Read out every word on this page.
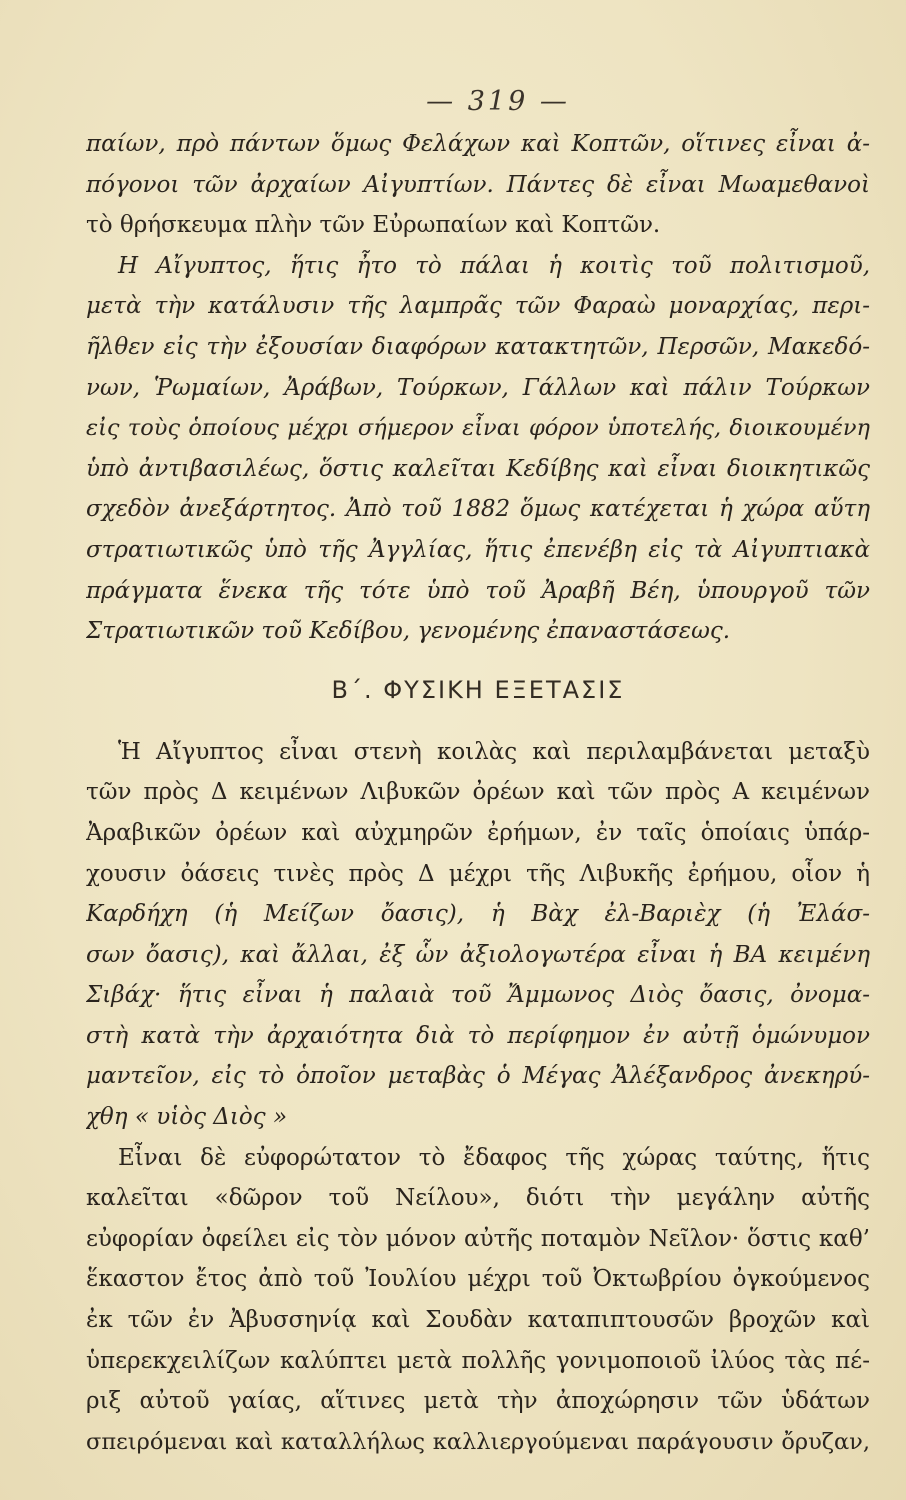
— 319 —
παίων, πρὸ πάντων ὅμως Φελάχων καὶ Κοπτῶν, οἵτινες εἶναι ἀ-
πόγονοι τῶν ἀρχαίων Αἰγυπτίων. Πάντες δὲ εἶναι Μωαμεθανοὶ
τὸ θρήσκευμα πλὴν τῶν Εὐρωπαίων καὶ Κοπτῶν.
Η Αἴγυπτος, ἥτις ἦτο τὸ πάλαι ἡ κοιτὶς τοῦ πολιτισμοῦ,
μετὰ τὴν κατάλυσιν τῆς λαμπρᾶς τῶν Φαραὼ μοναρχίας, περι-
ῆλθεν εἰς τὴν ἐξουσίαν διαφόρων κατακτητῶν, Περσῶν, Μακεδό-
νων, Ῥωμαίων, Ἀράβων, Τούρκων, Γάλλων καὶ πάλιν Τούρκων
εἰς τοὺς ὁποίους μέχρι σήμερον εἶναι φόρον ὑποτελής, διοικουμένη
ὑπὸ ἀντιβασιλέως, ὅστις καλεῖται Κεδίβης καὶ εἶναι διοικητικῶς
σχεδὸν ἀνεξάρτητος. Ἀπὸ τοῦ 1882 ὅμως κατέχεται ἡ χώρα αὕτη
στρατιωτικῶς ὑπὸ τῆς Ἀγγλίας, ἥτις ἐπενέβη εἰς τὰ Αἰγυπτιακὰ
πράγματα ἕνεκα τῆς τότε ὑπὸ τοῦ Ἀραβῆ Βέη, ὑπουργοῦ τῶν
Στρατιωτικῶν τοῦ Κεδίβου, γενομένης ἐπαναστάσεως.
Β΄. ΦΥΣΙΚΗ ΕΞΕΤΑΣΙΣ
Ἡ Αἴγυπτος εἶναι στενὴ κοιλὰς καὶ περιλαμβάνεται μεταξὺ
τῶν πρὸς Δ κειμένων Λιβυκῶν ὀρέων καὶ τῶν πρὸς Α κειμένων
Ἀραβικῶν ὀρέων καὶ αὐχμηρῶν ἐρήμων, ἐν ταῖς ὁποίαις ὑπάρ-
χουσιν ὀάσεις τινὲς πρὸς Δ μέχρι τῆς Λιβυκῆς ἐρήμου, οἷον ἡ
Καρδήχη (ἡ Μείζων ὄασις), ἡ Βὰχ ἐλ-Βαριὲχ (ἡ Ἐλάσ-
σων ὄασις), καὶ ἄλλαι, ἐξ ὧν ἀξιολογωτέρα εἶναι ἡ ΒΑ κειμένη
Σιβάχ· ἥτις εἶναι ἡ παλαιὰ τοῦ Ἄμμωνος Διὸς ὄασις, ὀνομα-
στὴ κατὰ τὴν ἀρχαιότητα διὰ τὸ περίφημον ἐν αὐτῇ ὁμώνυμον
μαντεῖον, εἰς τὸ ὁποῖον μεταβὰς ὁ Μέγας Ἀλέξανδρος ἀνεκηρύ-
χθη « υἱὸς Διὸς »
Εἶναι δὲ εὐφορώτατον τὸ ἔδαφος τῆς χώρας ταύτης, ἥτις
καλεῖται «δῶρον τοῦ Νείλου», διότι τὴν μεγάλην αὐτῆς
εὐφορίαν ὀφείλει εἰς τὸν μόνον αὐτῆς ποταμὸν Νεῖλον· ὅστις καθ’
ἕκαστον ἔτος ἀπὸ τοῦ Ἰουλίου μέχρι τοῦ Ὀκτωβρίου ὀγκούμενος
ἐκ τῶν ἐν Ἀβυσσηνίᾳ καὶ Σουδὰν καταπιπτουσῶν βροχῶν καὶ
ὑπερεκχειλίζων καλύπτει μετὰ πολλῆς γονιμοποιοῦ ἰλύος τὰς πέ-
ριξ αὐτοῦ γαίας, αἵτινες μετὰ τὴν ἀποχώρησιν τῶν ὑδάτων
σπειρόμεναι καὶ καταλλήλως καλλιεργούμεναι παράγουσιν ὄρυζαν,
